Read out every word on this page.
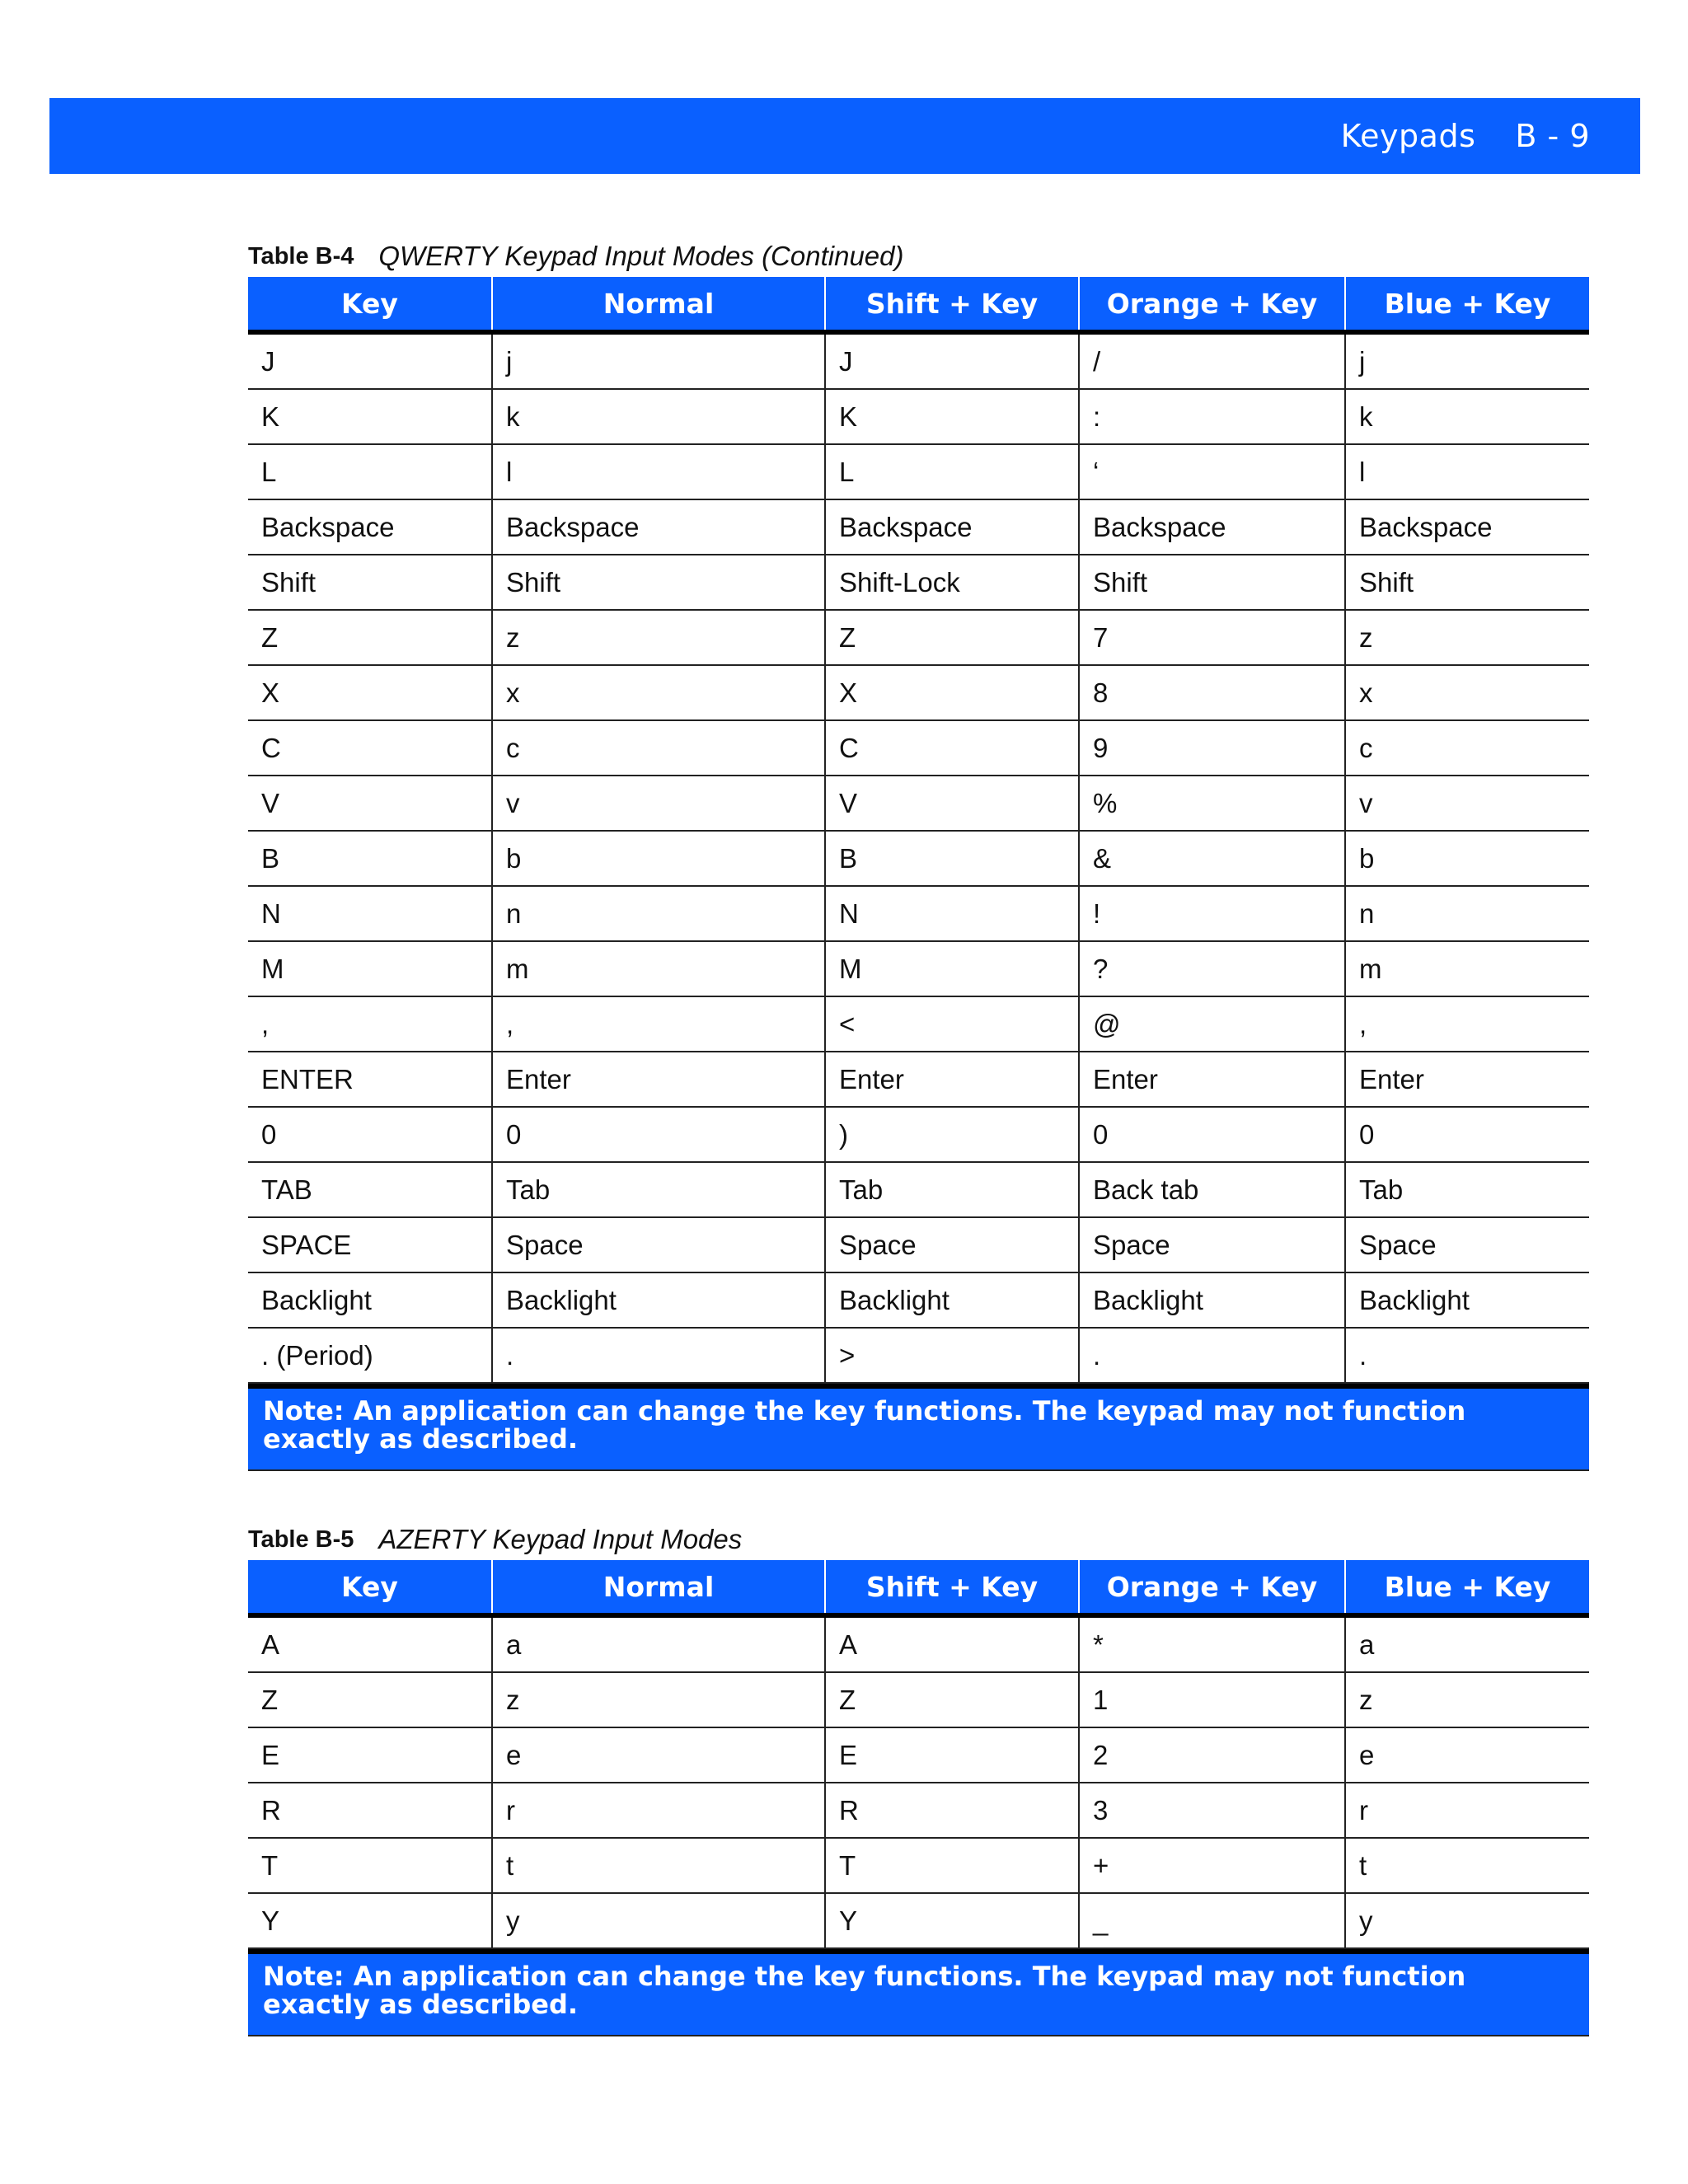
Keypads B - 9
Table B-4 QWERTY Keypad Input Modes (Continued)
Key	Normal	Shift + Key	Orange + Key	Blue + Key
J	j	J	/	j
K	k	K	:	k
L	l	L	‘	l
Backspace	Backspace	Backspace	Backspace	Backspace
Shift	Shift	Shift-Lock	Shift	Shift
Z	z	Z	7	z
X	x	X	8	x
C	c	C	9	c
V	v	V	%	v
B	b	B	&	b
N	n	N	!	n
M	m	M	?	m
,	,	<	@	,
ENTER	Enter	Enter	Enter	Enter
0	0	)	0	0
TAB	Tab	Tab	Back tab	Tab
SPACE	Space	Space	Space	Space
Backlight	Backlight	Backlight	Backlight	Backlight
. (Period)	.	>	.	.
Note: An application can change the key functions. The keypad may not function exactly as described.
Table B-5 AZERTY Keypad Input Modes
Key	Normal	Shift + Key	Orange + Key	Blue + Key
A	a	A	*	a
Z	z	Z	1	z
E	e	E	2	e
R	r	R	3	r
T	t	T	+	t
Y	y	Y	_	y
Note: An application can change the key functions. The keypad may not function exactly as described.
